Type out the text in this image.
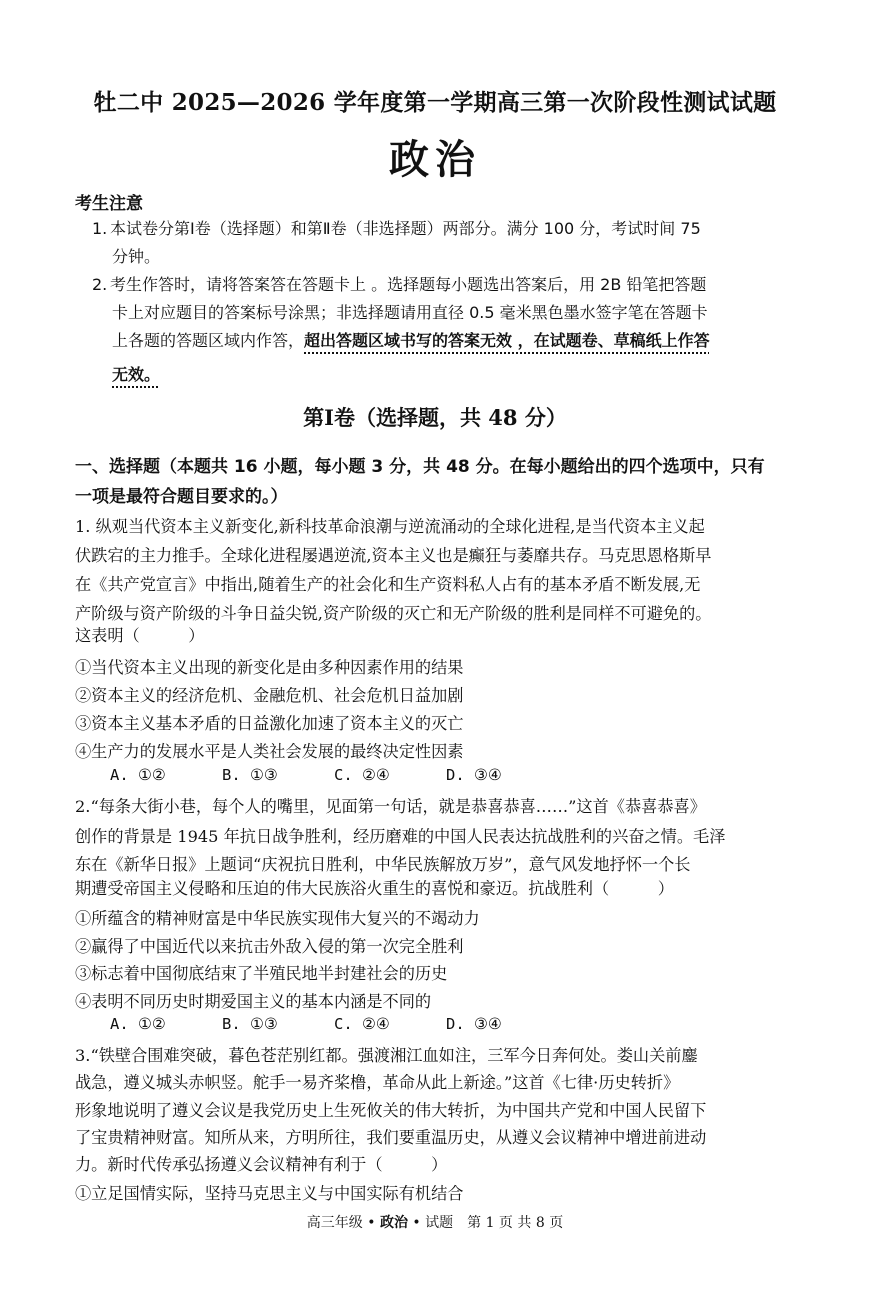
牡二中 2025—2026 学年度第一学期高三第一次阶段性测试试题
政治
考生注意
1. 本试卷分第Ⅰ卷（选择题）和第Ⅱ卷（非选择题）两部分。满分 100 分，考试时间 75
分钟。
2. 考生作答时，请将答案答在答题卡上 。选择题每小题选出答案后，用 2B 铅笔把答题
卡上对应题目的答案标号涂黑；非选择题请用直径 0.5 毫米黑色墨水签字笔在答题卡
上各题的答题区域内作答，超出答题区域书写的答案无效 ，在试题卷、草稿纸上作答
无效。
第Ⅰ卷（选择题，共 48 分）
一、选择题（本题共 16 小题，每小题 3 分，共 48 分。在每小题给出的四个选项中，只有
一项是最符合题目要求的。）
1. 纵观当代资本主义新变化,新科技革命浪潮与逆流涌动的全球化进程,是当代资本主义起
伏跌宕的主力推手。全球化进程屡遇逆流,资本主义也是癫狂与萎靡共存。马克思恩格斯早
在《共产党宣言》中指出,随着生产的社会化和生产资料私人占有的基本矛盾不断发展,无
产阶级与资产阶级的斗争日益尖锐,资产阶级的灭亡和无产阶级的胜利是同样不可避免的。
这表明（　　　）
①当代资本主义出现的新变化是由多种因素作用的结果
②资本主义的经济危机、金融危机、社会危机日益加剧
③资本主义基本矛盾的日益激化加速了资本主义的灭亡
④生产力的发展水平是人类社会发展的最终决定性因素
A. ①②	B. ①③	C. ②④	D. ③④
2.“每条大街小巷，每个人的嘴里，见面第一句话，就是恭喜恭喜……”这首《恭喜恭喜》
创作的背景是 1945 年抗日战争胜利，经历磨难的中国人民表达抗战胜利的兴奋之情。毛泽
东在《新华日报》上题词“庆祝抗日胜利，中华民族解放万岁”，意气风发地抒怀一个长
期遭受帝国主义侵略和压迫的伟大民族浴火重生的喜悦和豪迈。抗战胜利（　　　）
①所蕴含的精神财富是中华民族实现伟大复兴的不竭动力
②赢得了中国近代以来抗击外敌入侵的第一次完全胜利
③标志着中国彻底结束了半殖民地半封建社会的历史
④表明不同历史时期爱国主义的基本内涵是不同的
A. ①②	B. ①③	C. ②④	D. ③④
3.“铁壁合围难突破，暮色苍茫别红都。强渡湘江血如注，三军今日奔何处。娄山关前鏖
战急，遵义城头赤帜竖。舵手一易齐桨橹，革命从此上新途。”这首《七律·历史转折》
形象地说明了遵义会议是我党历史上生死攸关的伟大转折，为中国共产党和中国人民留下
了宝贵精神财富。知所从来，方明所往，我们要重温历史，从遵义会议精神中增进前进动
力。新时代传承弘扬遵义会议精神有利于（　　　）
①立足国情实际，坚持马克思主义与中国实际有机结合
高三年级 • 政治 • 试题　第 1 页 共 8 页
